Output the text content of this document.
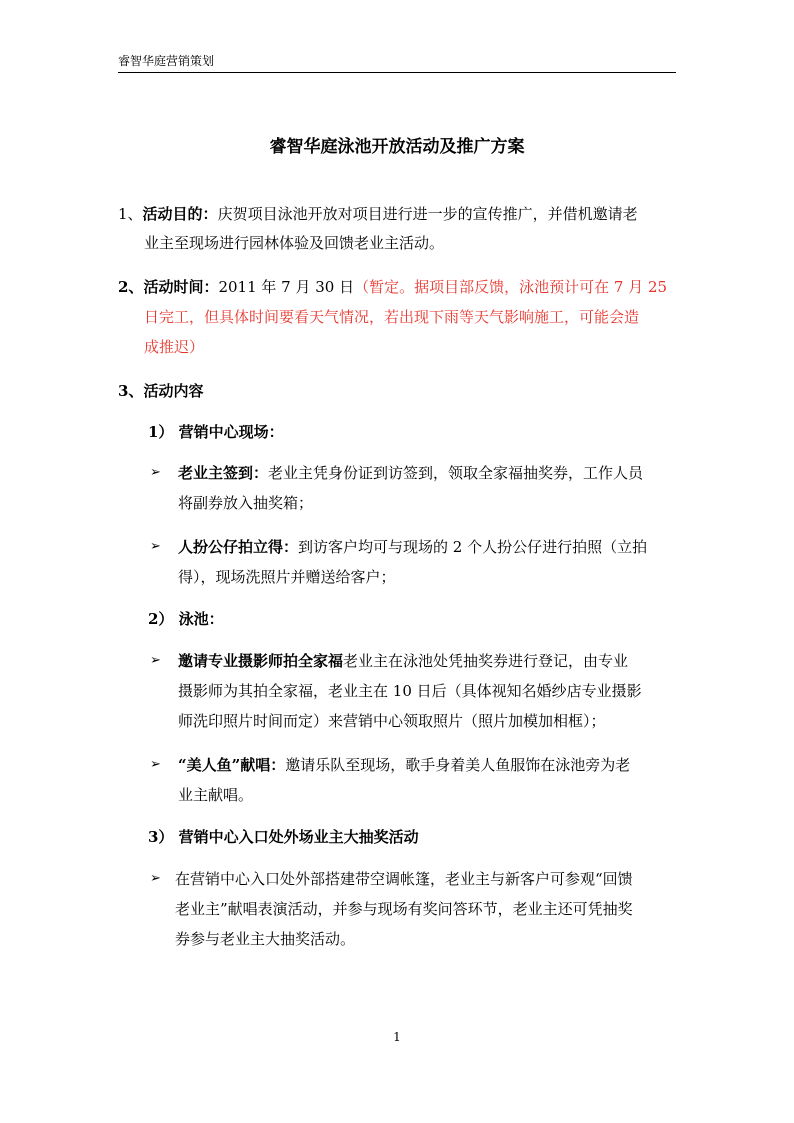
睿智华庭营销策划
睿智华庭泳池开放活动及推广方案
1、活动目的：庆贺项目泳池开放对项目进行进一步的宣传推广，并借机邀请老
业主至现场进行园林体验及回馈老业主活动。
2、活动时间：2011 年 7 月 30 日（暂定。据项目部反馈，泳池预计可在 7 月 25
日完工，但具体时间要看天气情况，若出现下雨等天气影响施工，可能会造
成推迟）
3、活动内容
1） 营销中心现场：
➢ 老业主签到：老业主凭身份证到访签到，领取全家福抽奖券，工作人员
将副券放入抽奖箱；
➢ 人扮公仔拍立得：到访客户均可与现场的 2 个人扮公仔进行拍照（立拍
得），现场洗照片并赠送给客户；
2） 泳池：
➢ 邀请专业摄影师拍全家福老业主在泳池处凭抽奖券进行登记，由专业
摄影师为其拍全家福，老业主在 10 日后（具体视知名婚纱店专业摄影
师洗印照片时间而定）来营销中心领取照片（照片加模加相框）；
➢ “美人鱼”献唱：邀请乐队至现场，歌手身着美人鱼服饰在泳池旁为老
业主献唱。
3） 营销中心入口处外场业主大抽奖活动
➢ 在营销中心入口处外部搭建带空调帐篷，老业主与新客户可参观“回馈
老业主”献唱表演活动，并参与现场有奖问答环节，老业主还可凭抽奖
券参与老业主大抽奖活动。
1
